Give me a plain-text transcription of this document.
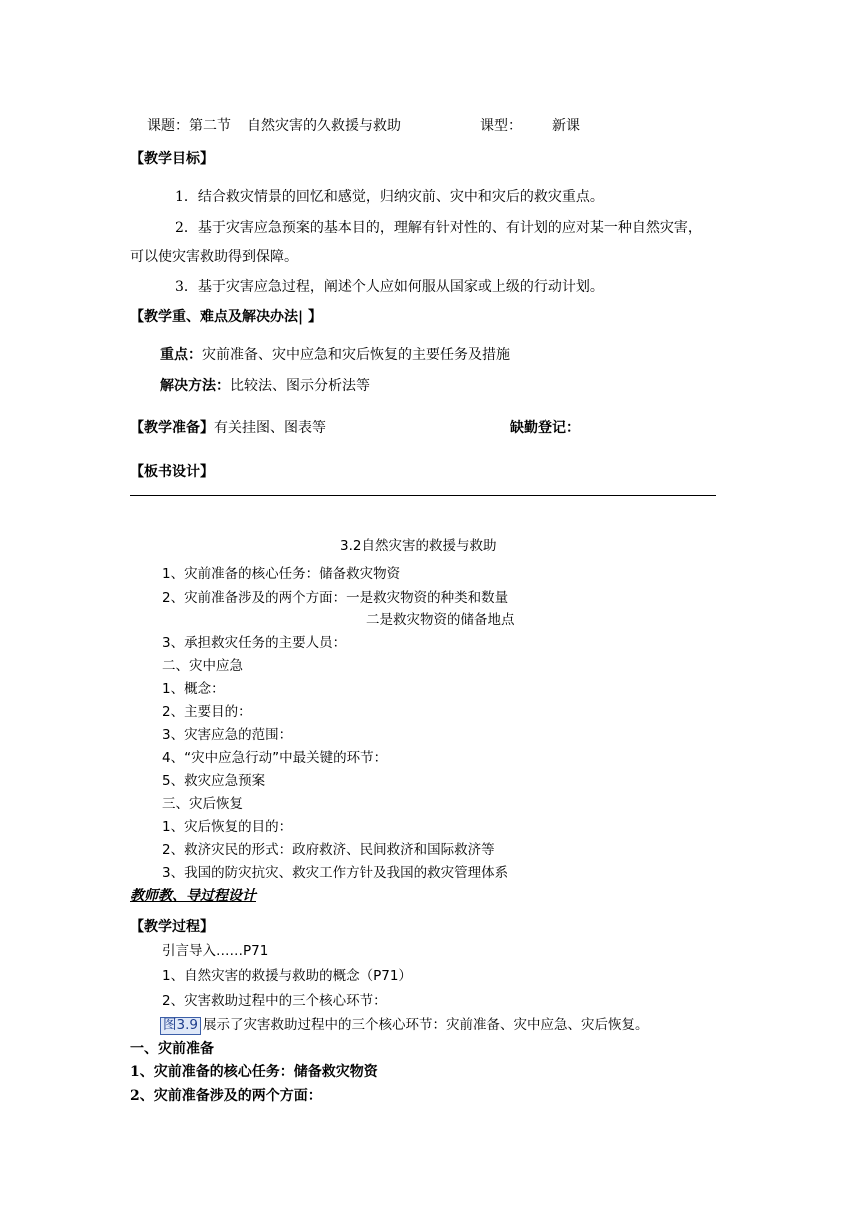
课题：第二节 自然灾害的久救援与救助	课型： 新课
【教学目标】
1．结合救灾情景的回忆和感觉，归纳灾前、灾中和灾后的救灾重点。
2．基于灾害应急预案的基本目的，理解有针对性的、有计划的应对某一种自然灾害，
可以使灾害救助得到保障。
3．基于灾害应急过程，阐述个人应如何服从国家或上级的行动计划。
【教学重、难点及解决办法| 】
重点：灾前准备、灾中应急和灾后恢复的主要任务及措施
解决方法：比较法、图示分析法等
【教学准备】有关挂图、图表等	缺勤登记：
【板书设计】
3.2自然灾害的救援与救助
1、灾前准备的核心任务：储备救灾物资
2、灾前准备涉及的两个方面：一是救灾物资的种类和数量
二是救灾物资的储备地点
3、承担救灾任务的主要人员：
二、灾中应急
1、概念：
2、主要目的：
3、灾害应急的范围：
4、“灾中应急行动”中最关键的环节：
5、救灾应急预案
三、灾后恢复
1、灾后恢复的目的：
2、救济灾民的形式：政府救济、民间救济和国际救济等
3、我国的防灾抗灾、救灾工作方针及我国的救灾管理体系
教师教、导过程设计
【教学过程】
引言导入……P71
1、自然灾害的救援与救助的概念（P71）
2、灾害救助过程中的三个核心环节：
图3.9 展示了灾害救助过程中的三个核心环节：灾前准备、灾中应急、灾后恢复。
一、灾前准备
1、灾前准备的核心任务：储备救灾物资
2、灾前准备涉及的两个方面：
